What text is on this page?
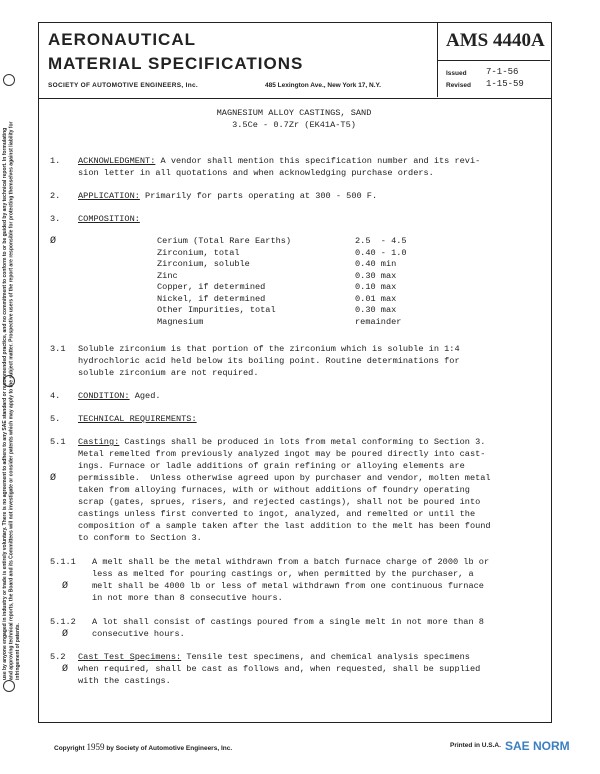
AERONAUTICAL
MATERIAL SPECIFICATIONS
SOCIETY OF AUTOMOTIVE ENGINEERS, Inc.	485 Lexington Ave., New York 17, N.Y.
AMS 4440A
Issued 7-1-56
Revised 1-15-59
MAGNESIUM ALLOY CASTINGS, SAND
3.5Ce - 0.7Zr (EK41A-T5)
1. ACKNOWLEDGMENT: A vendor shall mention this specification number and its revi-
sion letter in all quotations and when acknowledging purchase orders.
2. APPLICATION: Primarily for parts operating at 300 - 500 F.
3. COMPOSITION:
Ø	Cerium (Total Rare Earths)	2.5  - 4.5
Zirconium, total	0.40 - 1.0
Zirconium, soluble	0.40 min
Zinc	0.30 max
Copper, if determined	0.10 max
Nickel, if determined	0.01 max
Other Impurities, total	0.30 max
Magnesium	remainder
3.1 Soluble zirconium is that portion of the zirconium which is soluble in 1:4
hydrochloric acid held below its boiling point. Routine determinations for
soluble zirconium are not required.
4. CONDITION: Aged.
5. TECHNICAL REQUIREMENTS:
5.1 Casting: Castings shall be produced in lots from metal conforming to Section 3.
Metal remelted from previously analyzed ingot may be poured directly into cast-
ings. Furnace or ladle additions of grain refining or alloying elements are
Ø	permissible.  Unless otherwise agreed upon by purchaser and vendor, molten metal
taken from alloying furnaces, with or without additions of foundry operating
scrap (gates, sprues, risers, and rejected castings), shall not be poured into
castings unless first converted to ingot, analyzed, and remelted or until the
composition of a sample taken after the last addition to the melt has been found
to conform to Section 3.
5.1.1 A melt shall be the metal withdrawn from a batch furnace charge of 2000 lb or
less as melted for pouring castings or, when permitted by the purchaser, a
Ø	melt shall be 4000 lb or less of metal withdrawn from one continuous furnace
in not more than 8 consecutive hours.
5.1.2 A lot shall consist of castings poured from a single melt in not more than 8
Ø	consecutive hours.
5.2 Cast Test Specimens: Tensile test specimens, and chemical analysis specimens
Ø when required, shall be cast as follows and, when requested, shall be supplied
with the castings.
use by anyone engaged in industry or trade is entirely voluntary. There is no agreement to adhere to any SAE standard or recommended practice, and no commitment to conform to or be guided by any technical report. In formulating and approving technical reports, the Board and its Committees will not investigate or consider patents which may apply to the subject matter. Prospective users of the report are responsible for protecting themselves against liability for infringement of patents.
Copyright 1959 by Society of Automotive Engineers, Inc.	Printed in U.S.A. SAE NORM
